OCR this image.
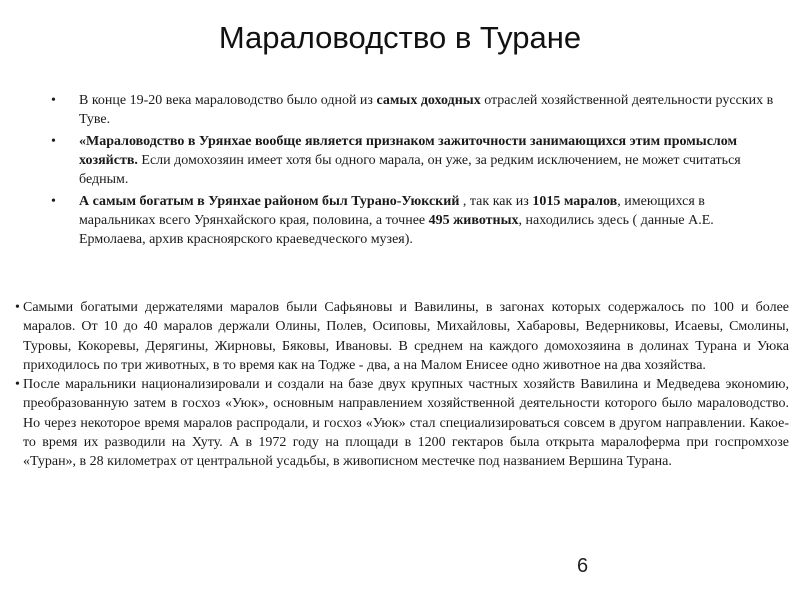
Мараловодство в Туране
• В конце 19-20 века мараловодство было одной из самых доходных отраслей хозяйственной деятельности русских в Туве.
• «Мараловодство в Урянхае вообще является признаком зажиточности занимающихся этим промыслом хозяйств. Если домохозяин имеет хотя бы одного марала, он уже, за редким исключением, не может считаться бедным.
• А самым богатым в Урянхае районом был Турано-Уюкский , так как из 1015 маралов, имеющихся в маральниках всего Урянхайского края, половина, а точнее 495 животных, находились здесь ( данные А.Е. Ермолаева, архив красноярского краеведческого музея).

• Самыми богатыми держателями маралов были Сафьяновы и Вавилины, в загонах которых содержалось по 100 и более маралов. От 10 до 40 маралов держали Олины, Полев, Осиповы, Михайловы, Хабаровы, Ведерниковы, Исаевы, Смолины, Туровы, Кокоревы, Дерягины, Жирновы, Бяковы, Ивановы. В среднем на каждого домохозяина в долинах Турана и Уюка приходилось по три животных, в то время как на Тодже - два, а на Малом Енисее одно животное на два хозяйства.

• После маральники национализировали и создали на базе двух крупных частных хозяйств Вавилина и Медведева экономию, преобразованную затем в госхоз «Уюк», основным направлением хозяйственной деятельности которого было мараловодство. Но через некоторое время маралов распродали, и госхоз «Уюк» стал специализироваться совсем в другом направлении. Какое-то время их разводили на Хуту. А в 1972 году на площади в 1200 гектаров была открыта маралоферма при госпромхозе «Туран», в 28 километрах от центральной усадьбы, в живописном местечке под названием Вершина Турана.

6
